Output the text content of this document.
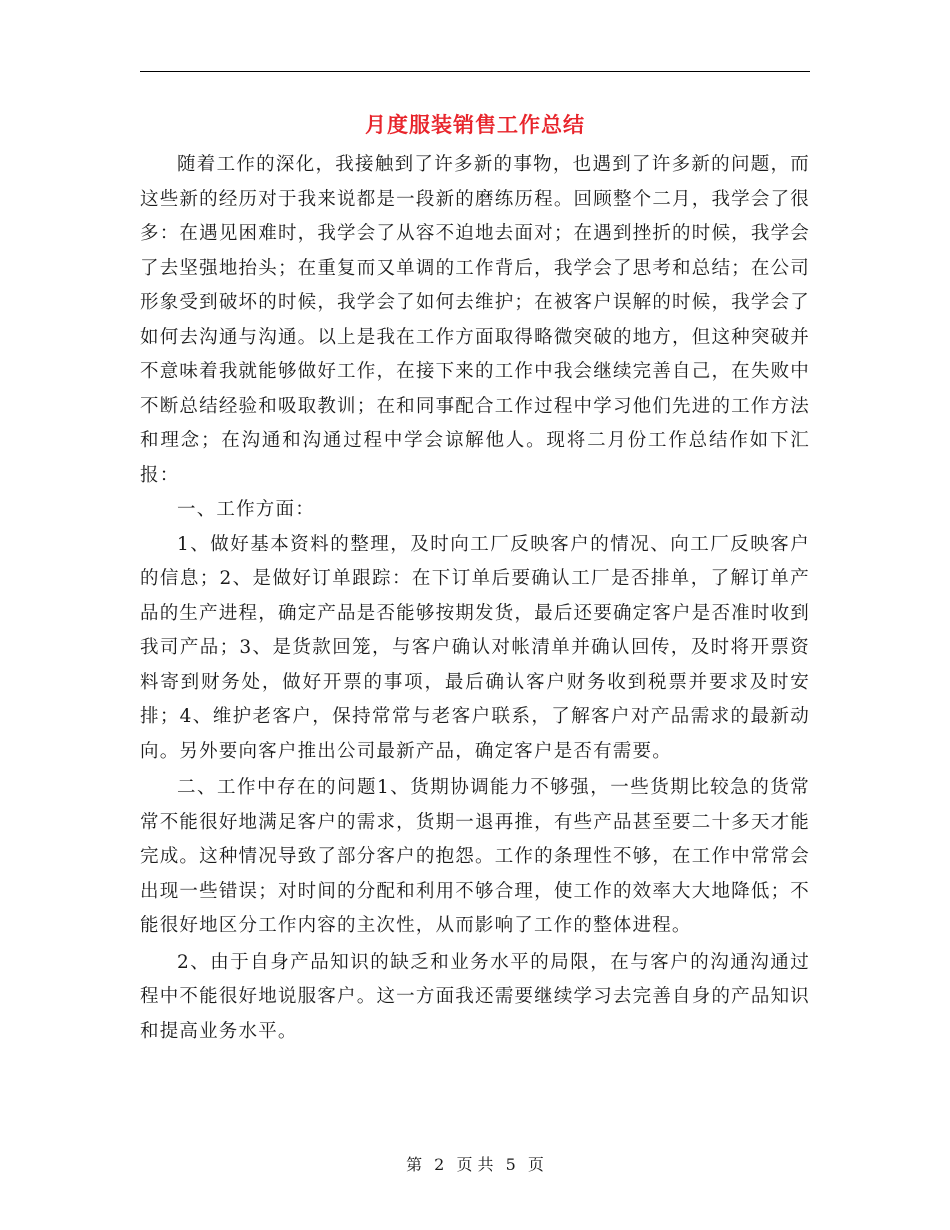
月度服装销售工作总结

随着工作的深化，我接触到了许多新的事物，也遇到了许多新的问题，而这些新的经历对于我来说都是一段新的磨练历程。回顾整个二月，我学会了很多：在遇见困难时，我学会了从容不迫地去面对；在遇到挫折的时候，我学会了去坚强地抬头；在重复而又单调的工作背后，我学会了思考和总结；在公司形象受到破坏的时候，我学会了如何去维护；在被客户误解的时候，我学会了如何去沟通与沟通。以上是我在工作方面取得略微突破的地方，但这种突破并不意味着我就能够做好工作，在接下来的工作中我会继续完善自己，在失败中不断总结经验和吸取教训；在和同事配合工作过程中学习他们先进的工作方法和理念；在沟通和沟通过程中学会谅解他人。现将二月份工作总结作如下汇报：

一、工作方面：

1、做好基本资料的整理，及时向工厂反映客户的情况、向工厂反映客户的信息；2、是做好订单跟踪：在下订单后要确认工厂是否排单，了解订单产品的生产进程，确定产品是否能够按期发货，最后还要确定客户是否准时收到我司产品；3、是货款回笼，与客户确认对帐清单并确认回传，及时将开票资料寄到财务处，做好开票的事项，最后确认客户财务收到税票并要求及时安排；4、维护老客户，保持常常与老客户联系，了解客户对产品需求的最新动向。另外要向客户推出公司最新产品，确定客户是否有需要。

二、工作中存在的问题1、货期协调能力不够强，一些货期比较急的货常常不能很好地满足客户的需求，货期一退再推，有些产品甚至要二十多天才能完成。这种情况导致了部分客户的抱怨。工作的条理性不够，在工作中常常会出现一些错误；对时间的分配和利用不够合理，使工作的效率大大地降低；不能很好地区分工作内容的主次性，从而影响了工作的整体进程。

2、由于自身产品知识的缺乏和业务水平的局限，在与客户的沟通沟通过程中不能很好地说服客户。这一方面我还需要继续学习去完善自身的产品知识和提高业务水平。

第 2 页 共 5 页
